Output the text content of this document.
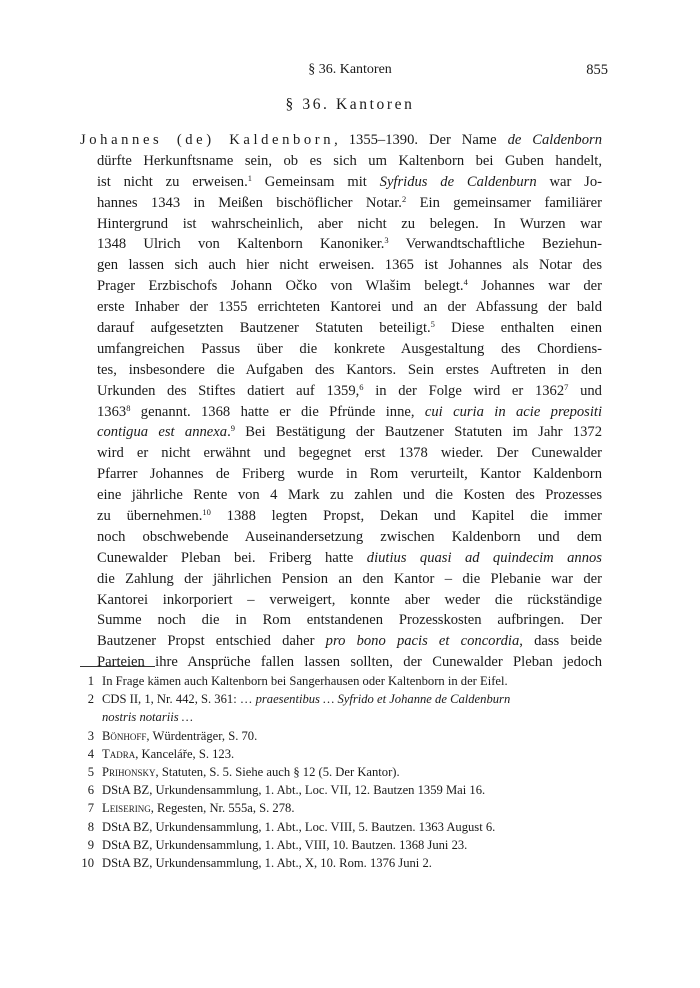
§ 36. Kantoren	855
§ 36. Kantoren
Johannes (de) Kaldenborn, 1355–1390. Der Name de Caldenborn
dürfte Herkunftsname sein, ob es sich um Kaltenborn bei Guben handelt,
ist nicht zu erweisen.$^1$ Gemeinsam mit Syfridus de Caldenburn war Jo-
hannes 1343 in Meißen bischöflicher Notar.$^2$ Ein gemeinsamer familiärer
Hintergrund ist wahrscheinlich, aber nicht zu belegen. In Wurzen war
1348 Ulrich von Kaltenborn Kanoniker.$^3$ Verwandtschaftliche Beziehun-
gen lassen sich auch hier nicht erweisen. 1365 ist Johannes als Notar des
Prager Erzbischofs Johann Očko von Wlašim belegt.$^4$ Johannes war der
erste Inhaber der 1355 errichteten Kantorei und an der Abfassung der bald
darauf aufgesetzten Bautzener Statuten beteiligt.$^5$ Diese enthalten einen
umfangreichen Passus über die konkrete Ausgestaltung des Chordiens-
tes, insbesondere die Aufgaben des Kantors. Sein erstes Auftreten in den
Urkunden des Stiftes datiert auf 1359,$^6$ in der Folge wird er 1362$^7$ und
1363$^8$ genannt. 1368 hatte er die Pfründe inne, cui curia in acie prepositi
contigua est annexa.$^9$ Bei Bestätigung der Bautzener Statuten im Jahr 1372
wird er nicht erwähnt und begegnet erst 1378 wieder. Der Cunewalder
Pfarrer Johannes de Friberg wurde in Rom verurteilt, Kantor Kaldenborn
eine jährliche Rente von 4 Mark zu zahlen und die Kosten des Prozesses
zu übernehmen.$^{10}$ 1388 legten Propst, Dekan und Kapitel die immer
noch obschwebende Auseinandersetzung zwischen Kaldenborn und dem
Cunewalder Pleban bei. Friberg hatte diutius quasi ad quindecim annos
die Zahlung der jährlichen Pension an den Kantor – die Plebanie war der
Kantorei inkorporiert – verweigert, konnte aber weder die rückständige
Summe noch die in Rom entstandenen Prozesskosten aufbringen. Der
Bautzener Propst entschied daher pro bono pacis et concordia, dass beide
Parteien ihre Ansprüche fallen lassen sollten, der Cunewalder Pleban jedoch
1 In Frage kämen auch Kaltenborn bei Sangerhausen oder Kaltenborn in der Eifel.
2 CDS II, 1, Nr. 442, S. 361: … praesentibus … Syfrido et Johanne de Caldenburn
nostris notariis …
3 Bönhoff, Würdenträger, S. 70.
4 Tadra, Kanceláře, S. 123.
5 Prihonsky, Statuten, S. 5. Siehe auch § 12 (5. Der Kantor).
6 DStA BZ, Urkundensammlung, 1. Abt., Loc. VII, 12. Bautzen 1359 Mai 16.
7 Leisering, Regesten, Nr. 555a, S. 278.
8 DStA BZ, Urkundensammlung, 1. Abt., Loc. VIII, 5. Bautzen. 1363 August 6.
9 DStA BZ, Urkundensammlung, 1. Abt., VIII, 10. Bautzen. 1368 Juni 23.
10 DStA BZ, Urkundensammlung, 1. Abt., X, 10. Rom. 1376 Juni 2.
